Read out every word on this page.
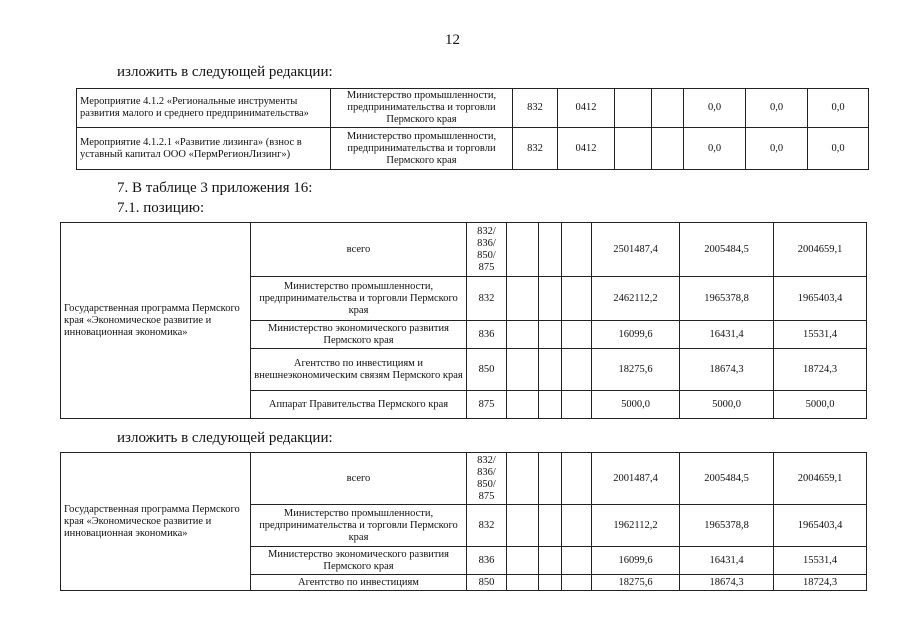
12
изложить в следующей редакции:
Мероприятие 4.1.2 «Региональные инструменты развития малого и среднего предпринимательства»	Министерство промышленности, предпринимательства и торговли Пермского края	832	0412			0,0	0,0	0,0
Мероприятие 4.1.2.1 «Развитие лизинга» (взнос в уставный капитал ООО «ПермРегионЛизинг»)	Министерство промышленности, предпринимательства и торговли Пермского края	832	0412			0,0	0,0	0,0
7. В таблице 3 приложения 16:
7.1. позицию:
Государственная программа Пермского края «Экономическое развитие и инновационная экономика»	всего	832/ 836/ 850/ 875				2501487,4	2005484,5	2004659,1
	Министерство промышленности, предпринимательства и торговли Пермского края	832				2462112,2	1965378,8	1965403,4
	Министерство экономического развития Пермского края	836				16099,6	16431,4	15531,4
	Агентство по инвестициям и внешнеэкономическим связям Пермского края	850				18275,6	18674,3	18724,3
	Аппарат Правительства Пермского края	875				5000,0	5000,0	5000,0
изложить в следующей редакции:
Государственная программа Пермского края «Экономическое развитие и инновационная экономика»	всего	832/ 836/ 850/ 875				2001487,4	2005484,5	2004659,1
	Министерство промышленности, предпринимательства и торговли Пермского края	832				1962112,2	1965378,8	1965403,4
	Министерство экономического развития Пермского края	836				16099,6	16431,4	15531,4
	Агентство по инвестициям	850				18275,6	18674,3	18724,3
